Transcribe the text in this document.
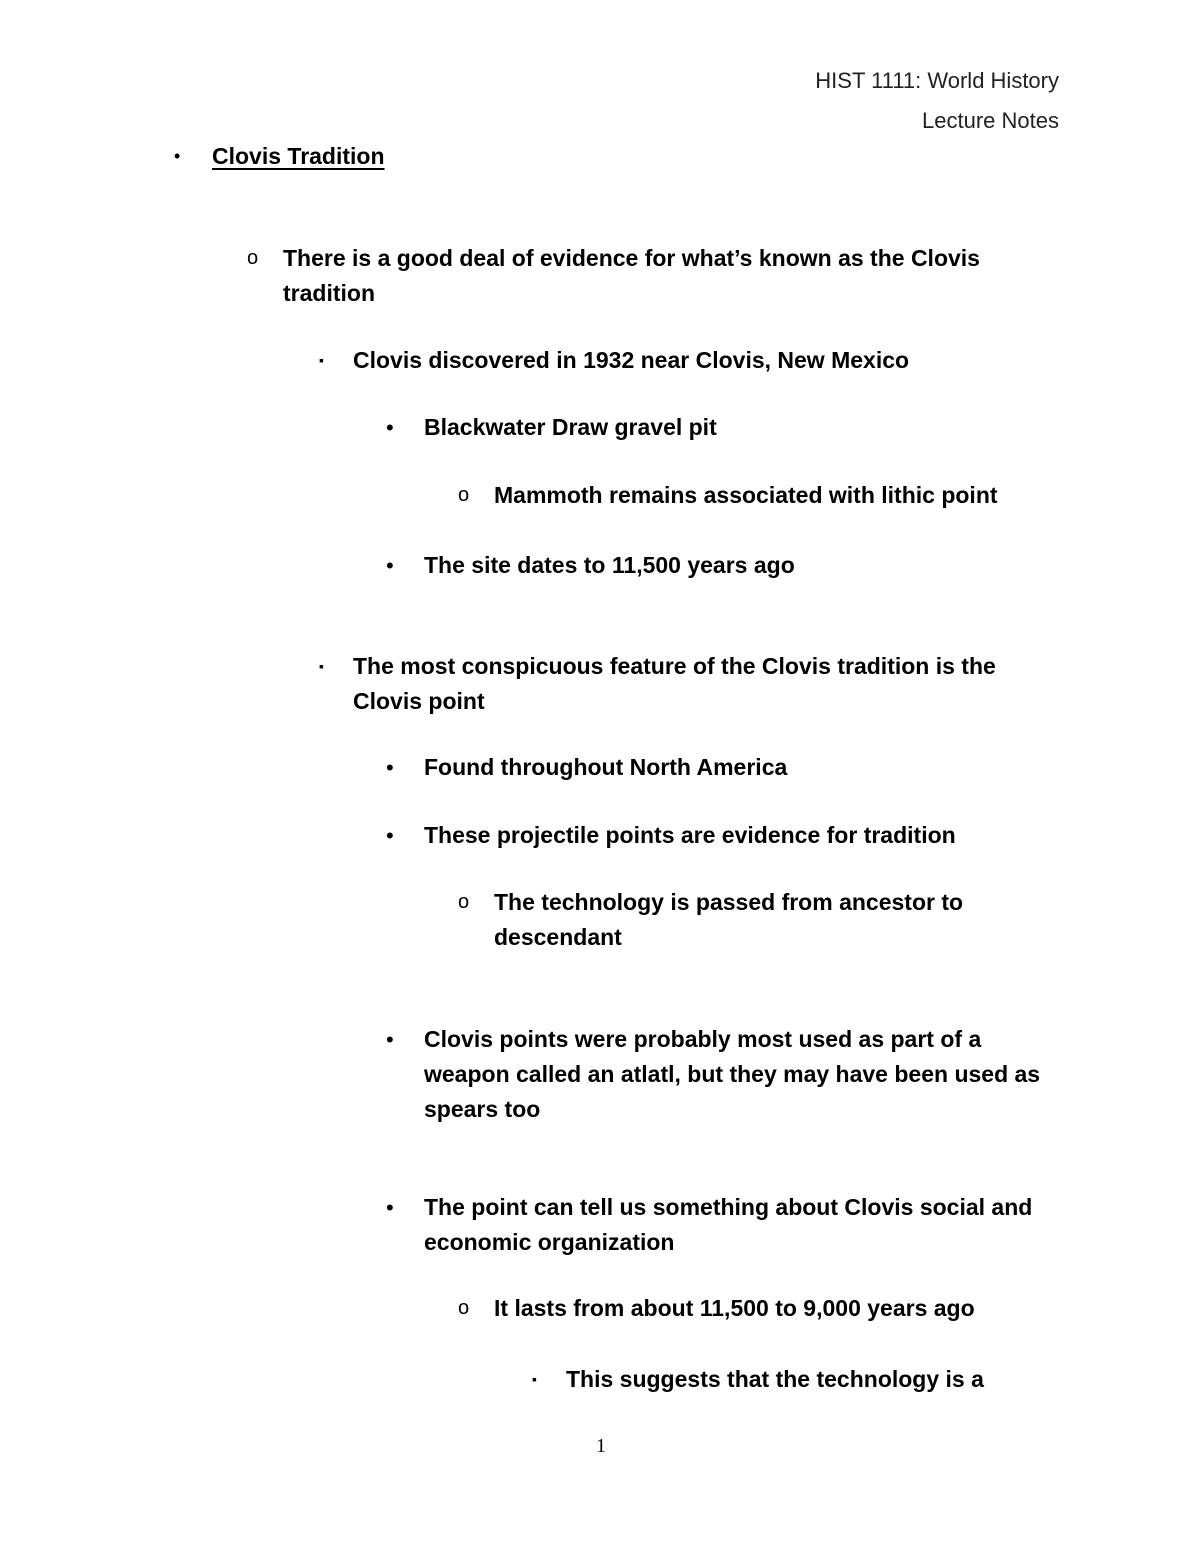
HIST 1111: World History
Lecture Notes
• Clovis Tradition
o There is a good deal of evidence for what’s known as the Clovis tradition
▪ Clovis discovered in 1932 near Clovis, New Mexico
• Blackwater Draw gravel pit
o Mammoth remains associated with lithic point
• The site dates to 11,500 years ago
▪ The most conspicuous feature of the Clovis tradition is the Clovis point
• Found throughout North America
• These projectile points are evidence for tradition
o The technology is passed from ancestor to descendant
• Clovis points were probably most used as part of a weapon called an atlatl, but they may have been used as spears too
• The point can tell us something about Clovis social and economic organization
o It lasts from about 11,500 to 9,000 years ago
▪ This suggests that the technology is a
1
